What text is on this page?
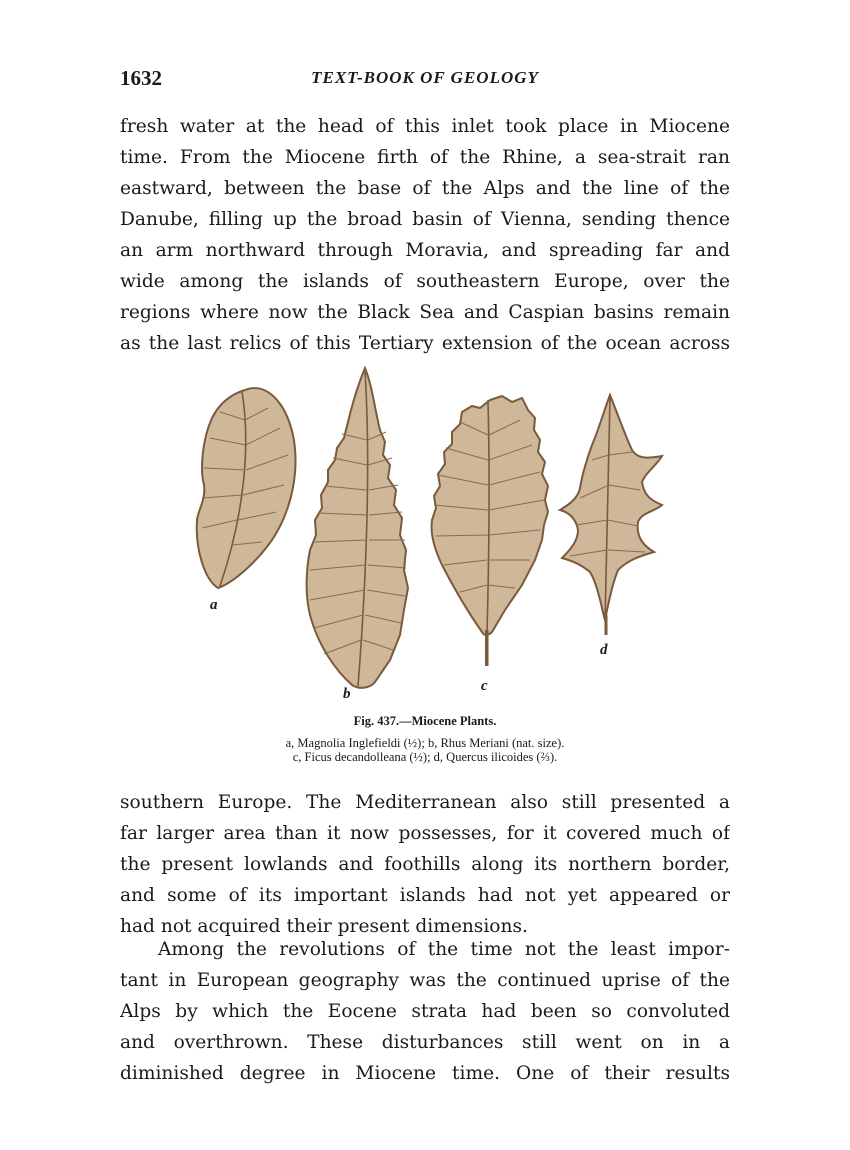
1632	TEXT-BOOK OF GEOLOGY
fresh water at the head of this inlet took place in Miocene
time. From the Miocene firth of the Rhine, a sea-strait ran
eastward, between the base of the Alps and the line of the
Danube, filling up the broad basin of Vienna, sending thence
an arm northward through Moravia, and spreading far and
wide among the islands of southeastern Europe, over the
regions where now the Black Sea and Caspian basins remain
as the last relics of this Tertiary extension of the ocean across
a
b	c
d
Fig. 437.—Miocene Plants.
a, Magnolia Inglefieldi (½); b, Rhus Meriani (nat. size).
c, Ficus decandolleana (½); d, Quercus ilicoides (⅔).
southern Europe. The Mediterranean also still presented a
far larger area than it now possesses, for it covered much of
the present lowlands and foothills along its northern border,
and some of its important islands had not yet appeared or
had not acquired their present dimensions.
Among the revolutions of the time not the least impor-
tant in European geography was the continued uprise of the
Alps by which the Eocene strata had been so convoluted
and overthrown. These disturbances still went on in a
diminished degree in Miocene time. One of their results
